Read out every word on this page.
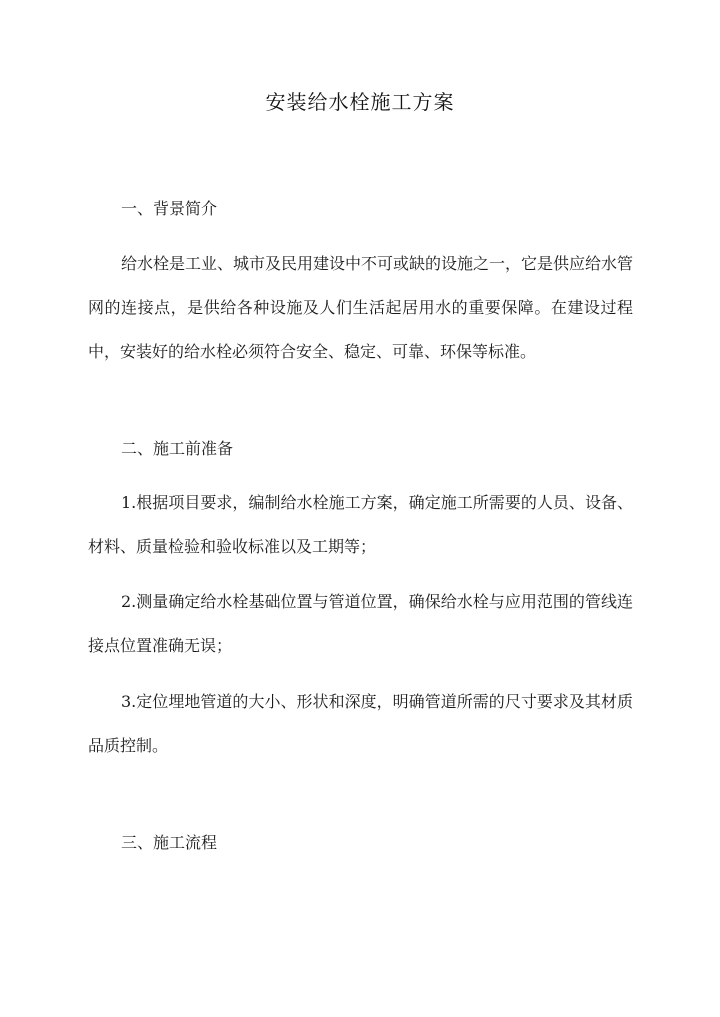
安装给水栓施工方案
一、背景简介

给水栓是工业、城市及民用建设中不可或缺的设施之一，它是供应给水管网的连接点，是供给各种设施及人们生活起居用水的重要保障。在建设过程中，安装好的给水栓必须符合安全、稳定、可靠、环保等标准。

二、施工前准备

1.根据项目要求，编制给水栓施工方案，确定施工所需要的人员、设备、材料、质量检验和验收标准以及工期等；

2.测量确定给水栓基础位置与管道位置，确保给水栓与应用范围的管线连接点位置准确无误；

3.定位埋地管道的大小、形状和深度，明确管道所需的尺寸要求及其材质品质控制。

三、施工流程
